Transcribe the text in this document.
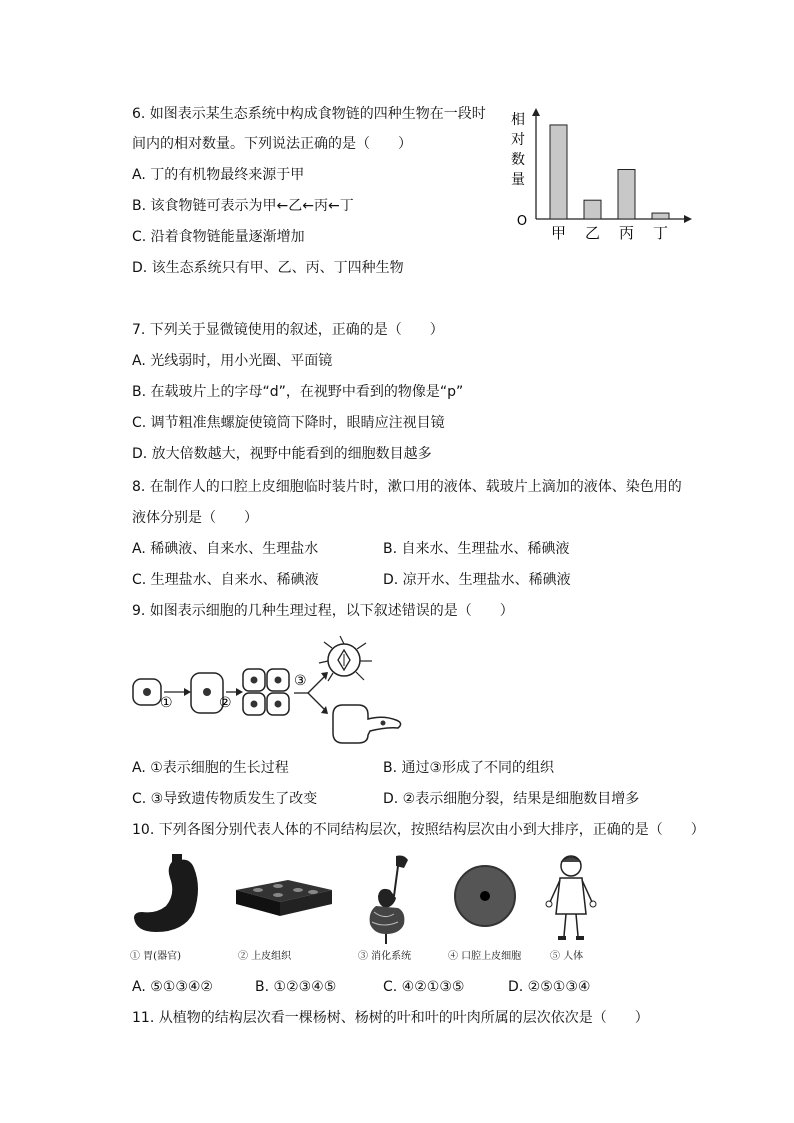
6. 如图表示某生态系统中构成食物链的四种生物在一段时
间内的相对数量。下列说法正确的是（　　）
A. 丁的有机物最终来源于甲
B. 该食物链可表示为甲←乙←丙←丁
C. 沿着食物链能量逐渐增加
D. 该生态系统只有甲、乙、丙、丁四种生物
相
对
数
量
O
甲 乙 丙 丁
7. 下列关于显微镜使用的叙述，正确的是（　　）
A. 光线弱时，用小光圈、平面镜
B. 在载玻片上的字母“d”，在视野中看到的物像是“p”
C. 调节粗准焦螺旋使镜筒下降时，眼睛应注视目镜
D. 放大倍数越大，视野中能看到的细胞数目越多
8. 在制作人的口腔上皮细胞临时装片时，漱口用的液体、载玻片上滴加的液体、染色用的
液体分别是（　　）
A. 稀碘液、自来水、生理盐水	B. 自来水、生理盐水、稀碘液
C. 生理盐水、自来水、稀碘液	D. 凉开水、生理盐水、稀碘液
9. 如图表示细胞的几种生理过程，以下叙述错误的是（　　）
①	②
③
A. ①表示细胞的生长过程	B. 通过③形成了不同的组织
C. ③导致遗传物质发生了改变	D. ②表示细胞分裂，结果是细胞数目增多
10. 下列各图分别代表人体的不同结构层次，按照结构层次由小到大排序，正确的是（　　）
① 胃(器官)	② 上皮组织	③ 消化系统	④ 口腔上皮细胞	⑤ 人体
A. ⑤①③④②	B. ①②③④⑤	C. ④②①③⑤	D. ②⑤①③④
11. 从植物的结构层次看一棵杨树、杨树的叶和叶的叶肉所属的层次依次是（　　）
